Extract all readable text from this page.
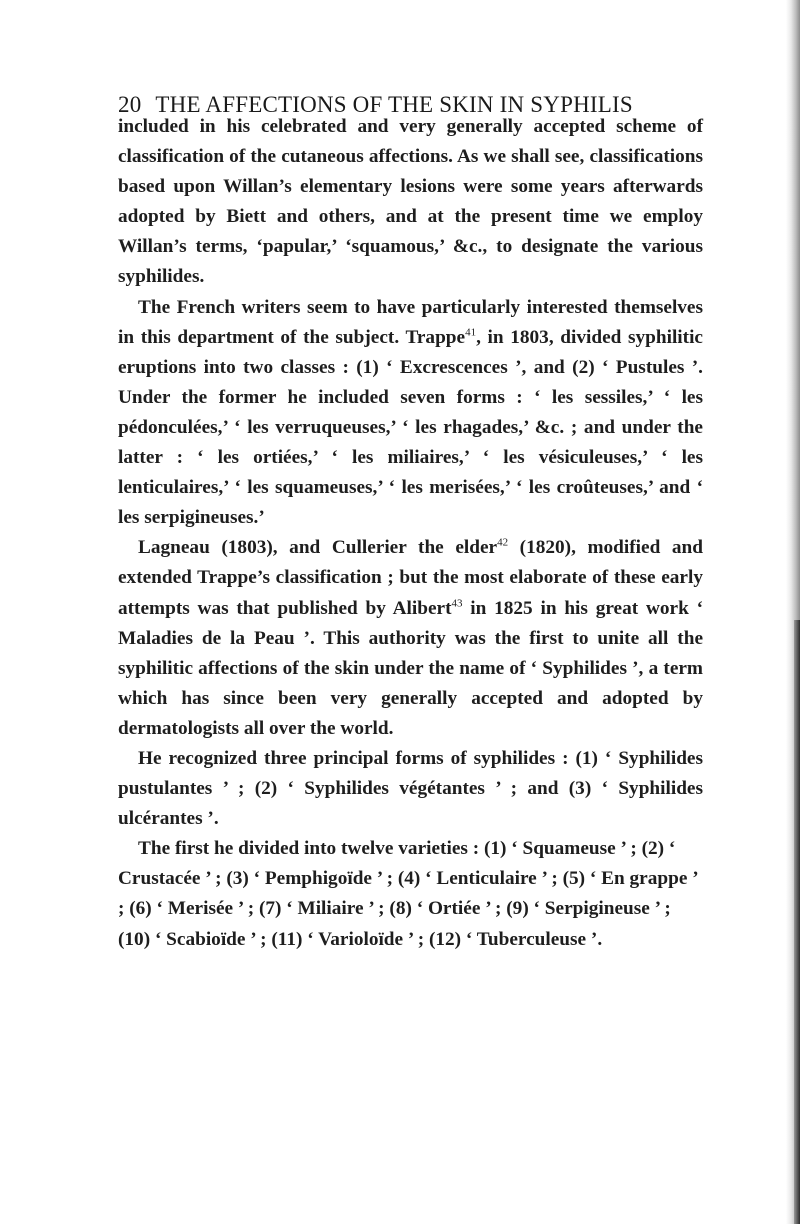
20 THE AFFECTIONS OF THE SKIN IN SYPHILIS

included in his celebrated and very generally accepted scheme of classification of the cutaneous affections. As we shall see, classifications based upon Willan’s elementary lesions were some years afterwards adopted by Biett and others, and at the present time we employ Willan’s terms, ‘papular,’ ‘squamous,’ &c., to designate the various syphilides.

The French writers seem to have particularly interested themselves in this department of the subject. Trappe$^{41}$, in 1803, divided syphilitic eruptions into two classes : (1) ‘ Excrescences ’, and (2) ‘ Pustules ’. Under the former he included seven forms : ‘ les sessiles,’ ‘ les pédonculées,’ ‘ les verruqueuses,’ ‘ les rhagades,’ &c. ; and under the latter : ‘ les ortiées,’ ‘ les miliaires,’ ‘ les vésiculeuses,’ ‘ les lenticulaires,’ ‘ les squameuses,’ ‘ les merisées,’ ‘ les croûteuses,’ and ‘ les serpigineuses.’

Lagneau (1803), and Cullerier the elder$^{42}$ (1820), modified and extended Trappe’s classification ; but the most elaborate of these early attempts was that published by Alibert$^{43}$ in 1825 in his great work ‘ Maladies de la Peau ’. This authority was the first to unite all the syphilitic affections of the skin under the name of ‘ Syphilides ’, a term which has since been very generally accepted and adopted by dermatologists all over the world.

He recognized three principal forms of syphilides : (1) ‘ Syphilides pustulantes ’ ; (2) ‘ Syphilides végétantes ’ ; and (3) ‘ Syphilides ulcérantes ’.

The first he divided into twelve varieties : (1) ‘ Squameuse ’ ; (2) ‘ Crustacée ’ ; (3) ‘ Pemphigoïde ’ ; (4) ‘ Lenticulaire ’ ; (5) ‘ En grappe ’ ; (6) ‘ Merisée ’ ; (7) ‘ Miliaire ’ ; (8) ‘ Ortiée ’ ; (9) ‘ Serpigineuse ’ ; (10) ‘ Scabioïde ’ ; (11) ‘ Varioloïde ’ ; (12) ‘ Tuberculeuse ’.
